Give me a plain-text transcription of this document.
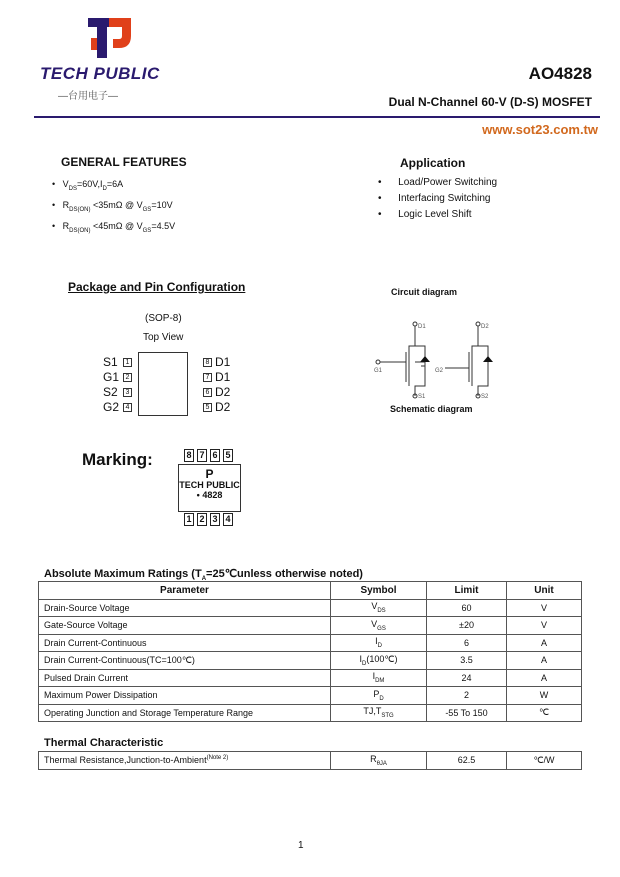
TECH PUBLIC
—台用电子—
AO4828
Dual N-Channel 60-V (D-S) MOSFET
www.sot23.com.tw
GENERAL FEATURES
•   $V_{DS}=60V,I_D=6A$
•   $R_{DS(ON)} <35m\Omega$ @ $V_{GS}=10V$
•   $R_{DS(ON)} <45m\Omega$ @ $V_{GS}=4.5V$
Application
•      Load/Power Switching
•      Interfacing Switching
•      Logic Level Shift
Package and Pin Configuration
(SOP-8)
Top View
S1 1
G1 2
S2 3
G2 4
8 D1
7 D1
6 D2
5 D2
Circuit diagram
D1	D2
G1	G2
S1	S2
Schematic diagram
Marking:	8 7 6 5
P
TECH PUBLIC
• 4828
1 2 3 4
Absolute Maximum Ratings ($T_A=25℃unless$ otherwise noted)
Parameter	Symbol	Limit	Unit
Drain-Source Voltage	$V_{DS}$	60	V
Gate-Source Voltage	$V_{GS}$	±20	V
Drain Current-Continuous	$I_D$	6	A
Drain Current-Continuous(TC=100℃)	$I_D(100℃)$	3.5	A
Pulsed Drain Current	$I_{DM}$	24	A
Maximum Power Dissipation	$P_D$	2	W
Operating Junction and Storage Temperature Range	$TJ,T_{STG}$	-55 To 150	℃
Thermal Characteristic
Thermal Resistance,Junction-to-Ambient$^{(Note 2)}$	$R_{\theta JA}$	62.5	℃/W
1
